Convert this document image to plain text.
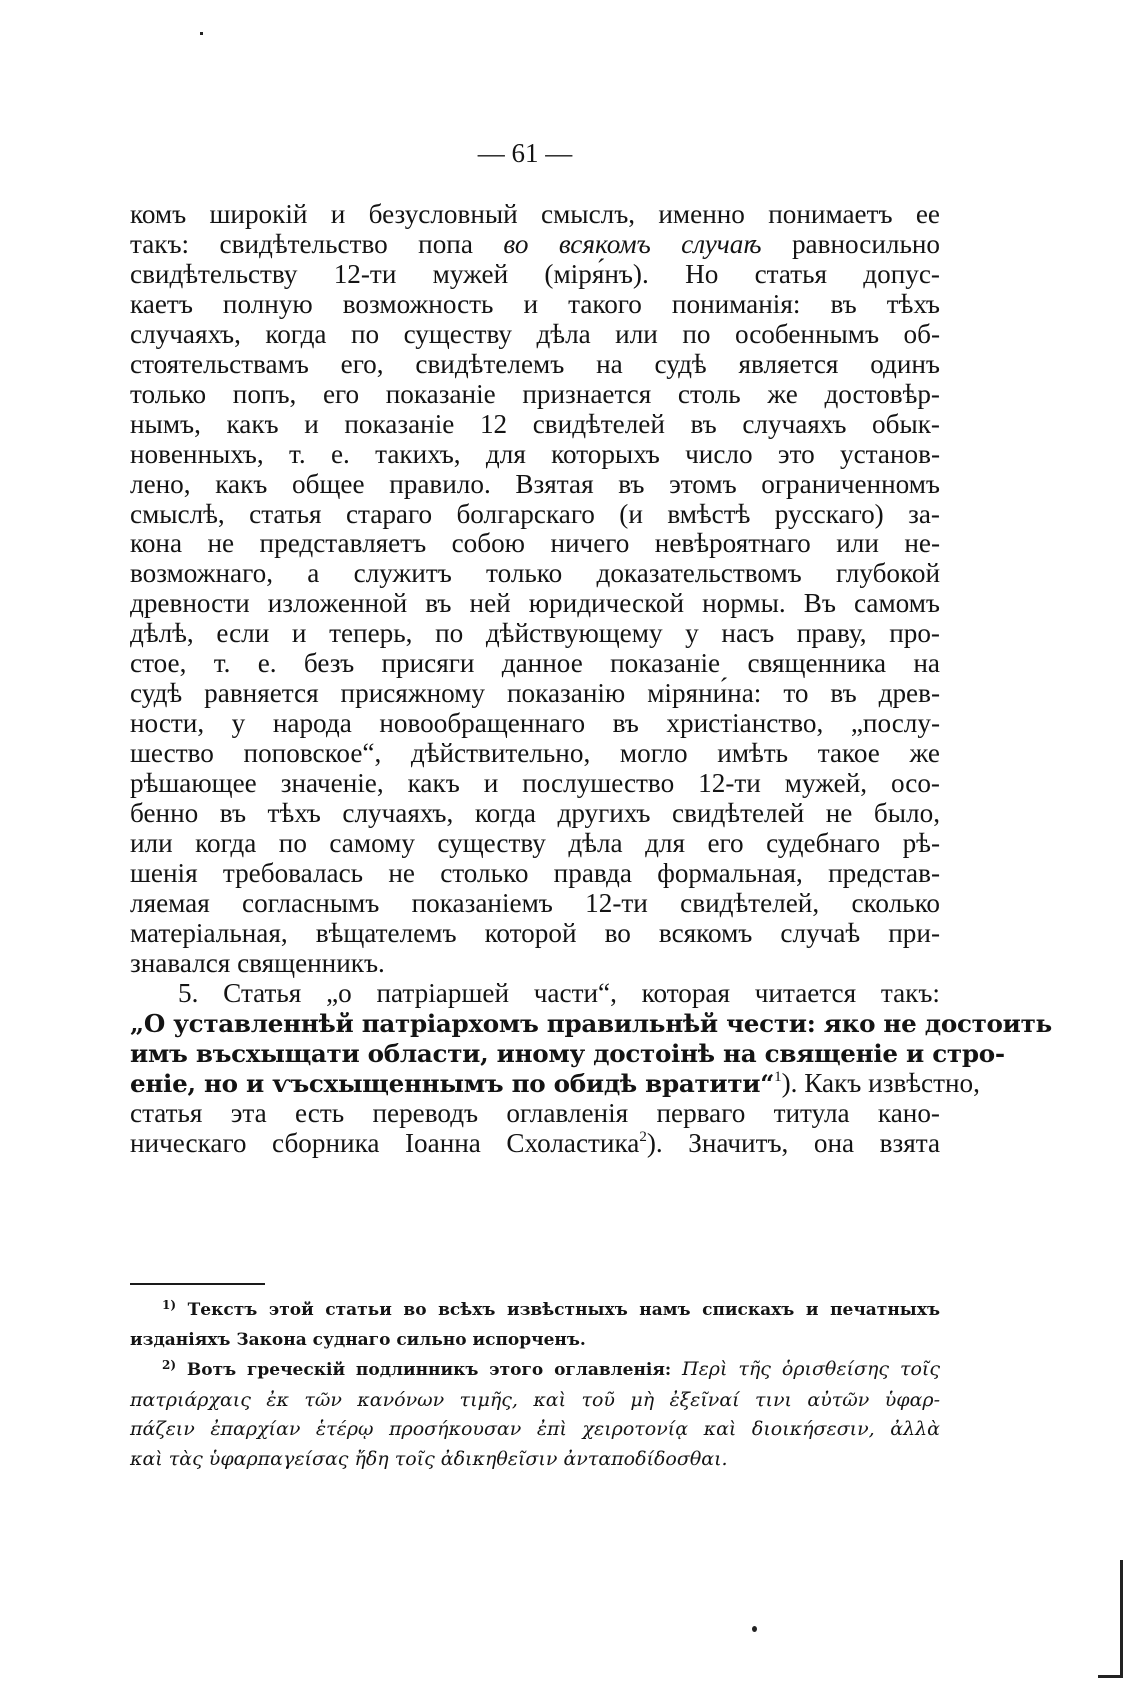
— 61 —
комъ широкій и безусловный смыслъ, именно понимаетъ ее
такъ: свидѣтельство попа во всякомъ случаѣ равносильно
свидѣтельству 12-ти мужей (міря́нъ). Но статья допус-
каетъ полную возможность и такого пониманія: въ тѣхъ
случаяхъ, когда по существу дѣла или по особеннымъ об-
стоятельствамъ его, свидѣтелемъ на судѣ является одинъ
только попъ, его показаніе признается столь же достовѣр-
нымъ, какъ и показаніе 12 свидѣтелей въ случаяхъ обык-
новенныхъ, т. е. такихъ, для которыхъ число это установ-
лено, какъ общее правило. Взятая въ этомъ ограниченномъ
смыслѣ, статья стараго болгарскаго (и вмѣстѣ русскаго) за-
кона не представляетъ собою ничего невѣроятнаго или не-
возможнаго, а служитъ только доказательствомъ глубокой
древности изложенной въ ней юридической нормы. Въ самомъ
дѣлѣ, если и теперь, по дѣйствующему у насъ праву, про-
стое, т. е. безъ присяги данное показаніе священника на
судѣ равняется присяжному показанію міряни́на: то въ древ-
ности, у народа новообращеннаго въ христіанство, „послу-
шество поповское“, дѣйствительно, могло имѣть такое же
рѣшающее значеніе, какъ и послушество 12-ти мужей, осо-
бенно въ тѣхъ случаяхъ, когда другихъ свидѣтелей не было,
или когда по самому существу дѣла для его судебнаго рѣ-
шенія требовалась не столько правда формальная, представ-
ляемая согласнымъ показаніемъ 12-ти свидѣтелей, сколько
матеріальная, вѣщателемъ которой во всякомъ случаѣ при-
знавался священникъ.
5. Статья „о патріаршей части“, которая читается такъ:
„О уставленнѣй патріархомъ правильнѣй чести: яко не достоить
имъ въсхыщати области, иному достоінѣ на священіе и стро-
еніе, но и ѵъсхыщеннымъ по обидѣ вратити“$^1$). Какъ извѣстно,
статья эта есть переводъ оглавленія перваго титула кано-
ническаго сборника Іоанна Схоластика$^2$). Значитъ, она взята
$^{1)}$ Текстъ этой статьи во всѣхъ извѣстныхъ намъ спискахъ и печатныхъ
изданіяхъ Закона суднаго сильно испорченъ.
$^{2)}$ Вотъ греческій подлинникъ этого оглавленія: Περὶ τῆς ὁρισθείσης τοῖς
πατριάρχαις ἐκ τῶν κανόνων τιμῆς, καὶ τοῦ μὴ ἐξεῖναί τινι αὐτῶν ὑφαρ-
πάζειν ἐπαρχίαν ἑτέρῳ προσήκουσαν ἐπὶ χειροτονίᾳ καὶ διοικήσεσιν, ἀλλὰ
καὶ τὰς ὑφαρπαγείσας ἤδη τοῖς ἀδικηθεῖσιν ἀνταποδίδοσθαι.
